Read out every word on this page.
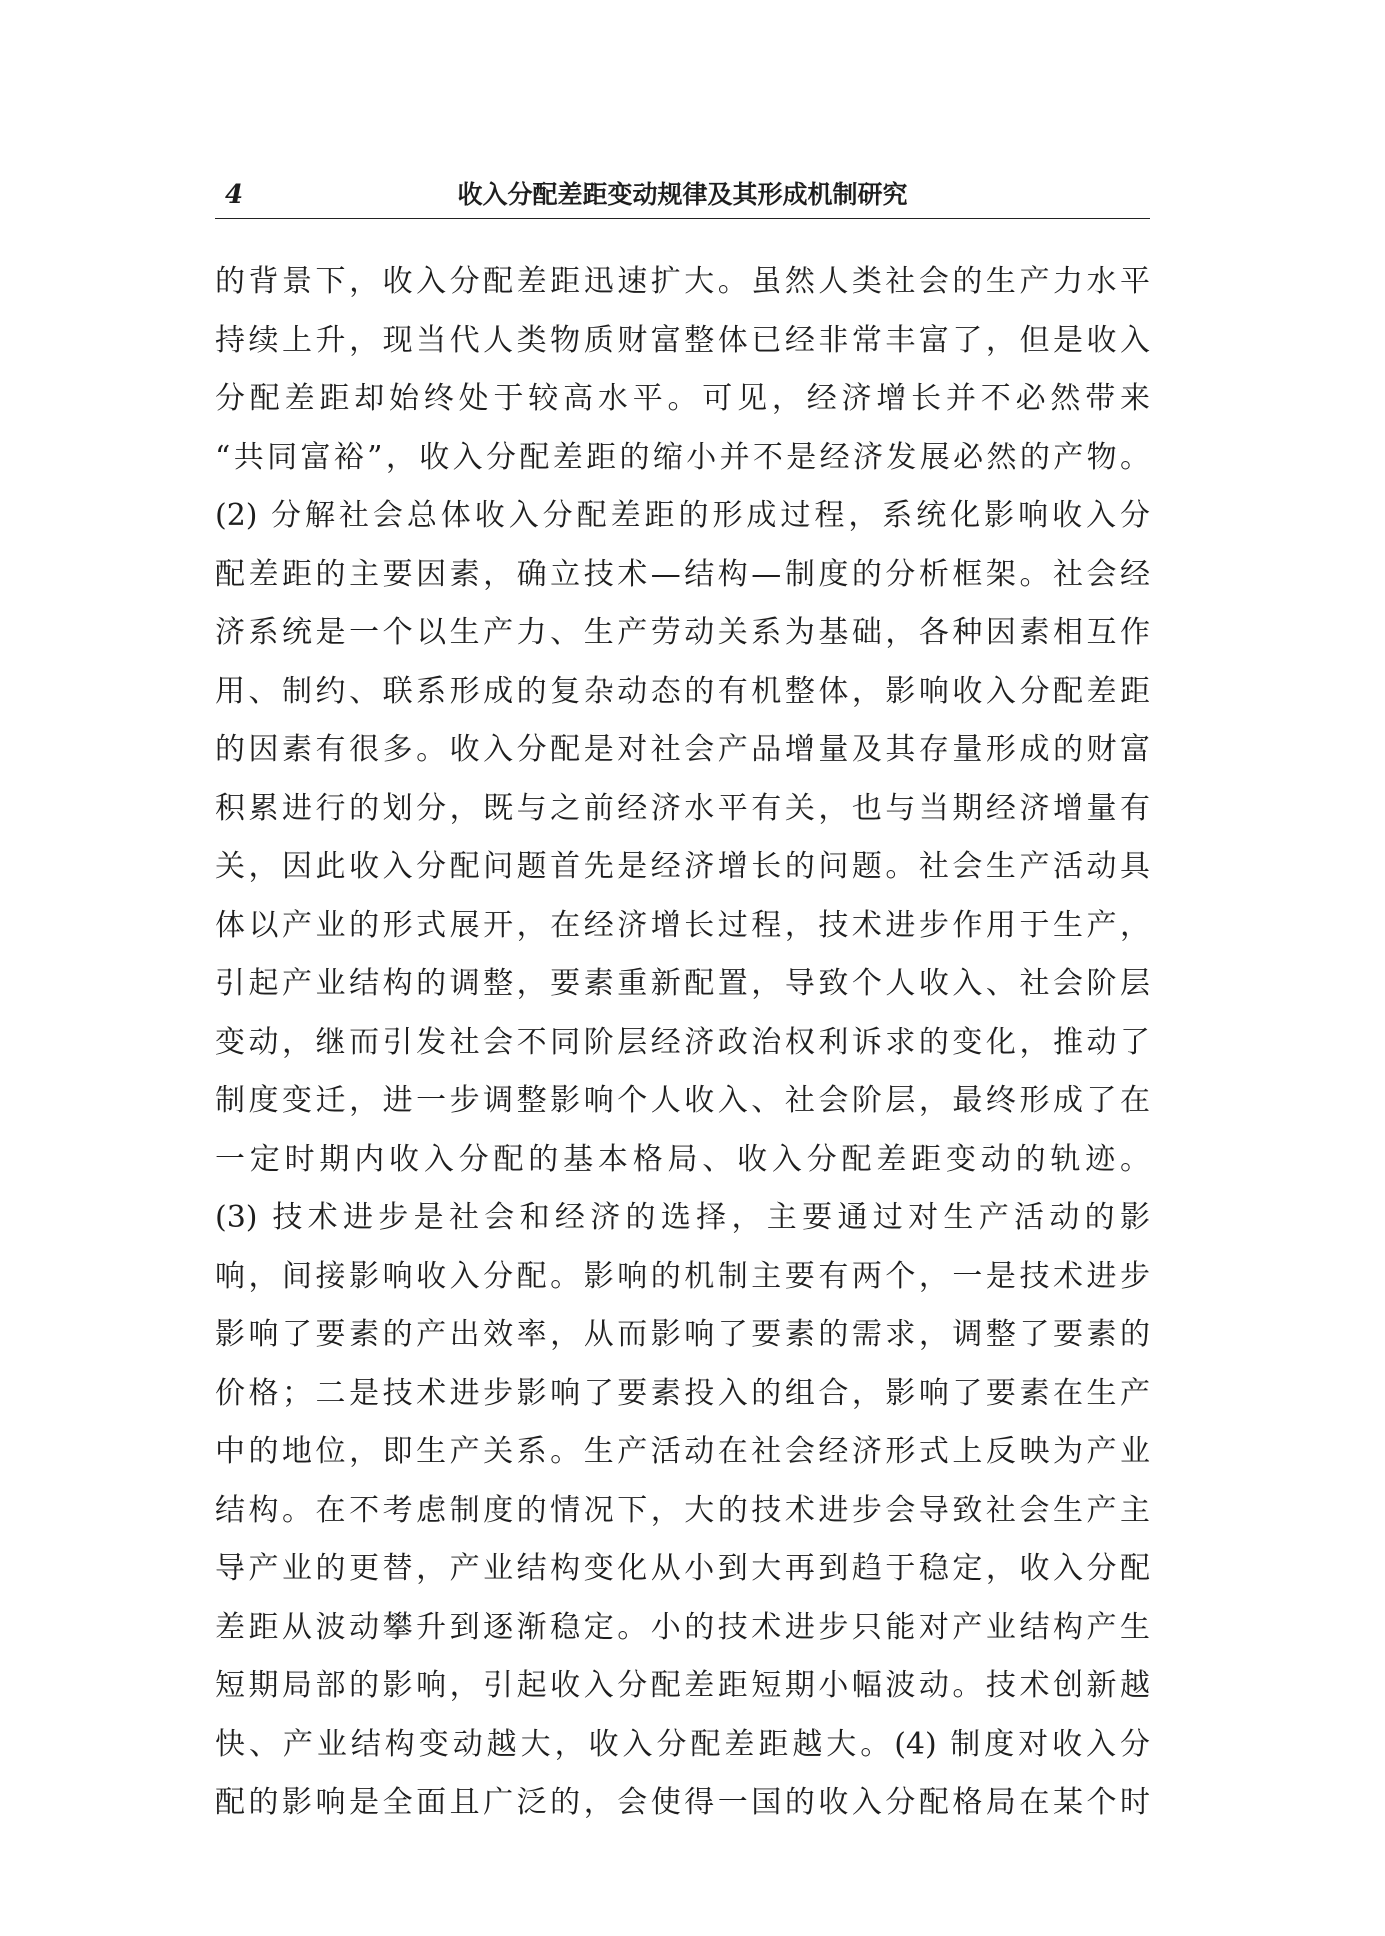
4	收入分配差距变动规律及其形成机制研究
的背景下，收入分配差距迅速扩大。虽然人类社会的生产力水平
持续上升，现当代人类物质财富整体已经非常丰富了，但是收入
分配差距却始终处于较高水平。可见，经济增长并不必然带来
“共同富裕”，收入分配差距的缩小并不是经济发展必然的产物。
(2) 分解社会总体收入分配差距的形成过程，系统化影响收入分
配差距的主要因素，确立技术—结构—制度的分析框架。社会经
济系统是一个以生产力、生产劳动关系为基础，各种因素相互作
用、制约、联系形成的复杂动态的有机整体，影响收入分配差距
的因素有很多。收入分配是对社会产品增量及其存量形成的财富
积累进行的划分，既与之前经济水平有关，也与当期经济增量有
关，因此收入分配问题首先是经济增长的问题。社会生产活动具
体以产业的形式展开，在经济增长过程，技术进步作用于生产，
引起产业结构的调整，要素重新配置，导致个人收入、社会阶层
变动，继而引发社会不同阶层经济政治权利诉求的变化，推动了
制度变迁，进一步调整影响个人收入、社会阶层，最终形成了在
一定时期内收入分配的基本格局、收入分配差距变动的轨迹。
(3) 技术进步是社会和经济的选择，主要通过对生产活动的影
响，间接影响收入分配。影响的机制主要有两个，一是技术进步
影响了要素的产出效率，从而影响了要素的需求，调整了要素的
价格；二是技术进步影响了要素投入的组合，影响了要素在生产
中的地位，即生产关系。生产活动在社会经济形式上反映为产业
结构。在不考虑制度的情况下，大的技术进步会导致社会生产主
导产业的更替，产业结构变化从小到大再到趋于稳定，收入分配
差距从波动攀升到逐渐稳定。小的技术进步只能对产业结构产生
短期局部的影响，引起收入分配差距短期小幅波动。技术创新越
快、产业结构变动越大，收入分配差距越大。(4) 制度对收入分
配的影响是全面且广泛的，会使得一国的收入分配格局在某个时
